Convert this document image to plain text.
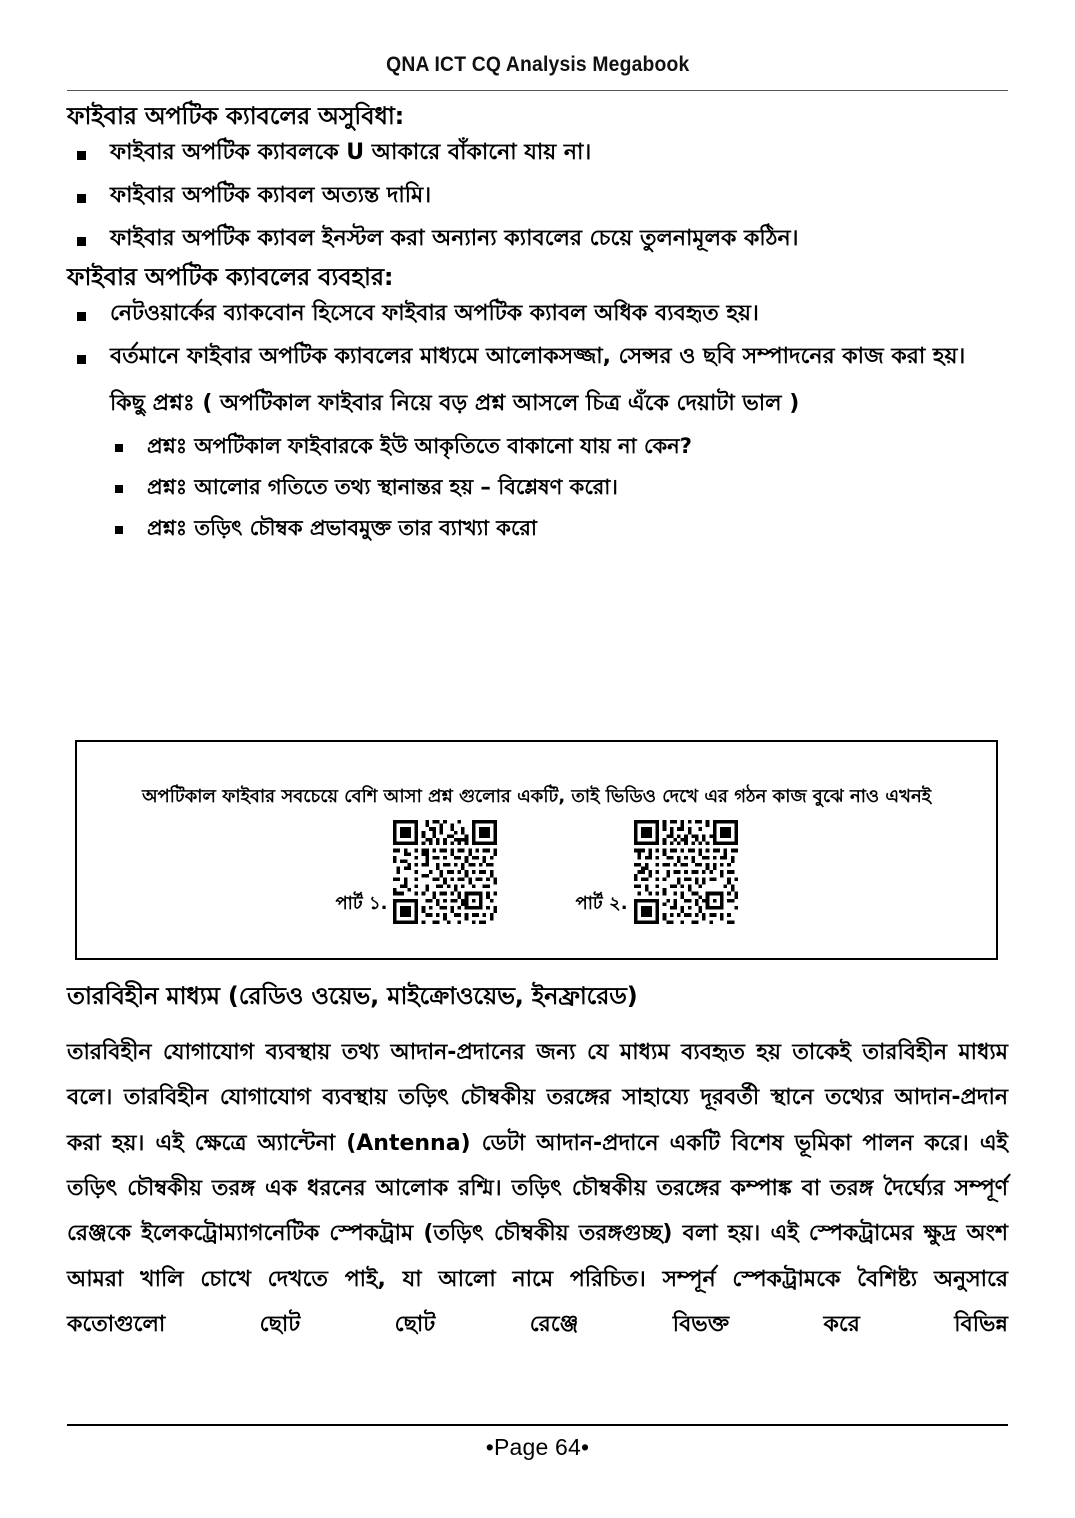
QNA ICT CQ Analysis Megabook
ফাইবার অপটিক ক্যাবলের অসুবিধা:
ফাইবার অপটিক ক্যাবলকে U আকারে বাঁকানো যায় না।
ফাইবার অপটিক ক্যাবল অত্যন্ত দামি।
ফাইবার অপটিক ক্যাবল ইনস্টল করা অন্যান্য ক্যাবলের চেয়ে তুলনামূলক কঠিন।
ফাইবার অপটিক ক্যাবলের ব্যবহার:
নেটওয়ার্কের ব্যাকবোন হিসেবে ফাইবার অপটিক ক্যাবল অধিক ব্যবহৃত হয়।
বর্তমানে ফাইবার অপটিক ক্যাবলের মাধ্যমে আলোকসজ্জা, সেন্সর ও ছবি সম্পাদনের কাজ করা হয়।

কিছু প্রশ্নঃ ( অপটিকাল ফাইবার নিয়ে বড় প্রশ্ন আসলে চিত্র এঁকে দেয়াটা ভাল )

প্রশ্নঃ অপটিকাল ফাইবারকে ইউ আকৃতিতে বাকানো যায় না কেন?
প্রশ্নঃ আলোর গতিতে তথ্য স্থানান্তর হয় – বিশ্লেষণ করো।
প্রশ্নঃ তড়িৎ চৌম্বক প্রভাবমুক্ত তার ব্যাখ্যা করো
অপটিকাল ফাইবার সবচেয়ে বেশি আসা প্রশ্ন গুলোর একটি, তাই ভিডিও দেখে এর গঠন কাজ বুঝে নাও এখনই
পার্ট ১.	পার্ট ২.
তারবিহীন মাধ্যম (রেডিও ওয়েভ, মাইক্রোওয়েভ, ইনফ্রারেড)

তারবিহীন যোগাযোগ ব্যবস্থায় তথ্য আদান-প্রদানের জন্য যে মাধ্যম ব্যবহৃত হয় তাকেই তারবিহীন মাধ্যম বলে। তারবিহীন যোগাযোগ ব্যবস্থায় তড়িৎ চৌম্বকীয় তরঙ্গের সাহায্যে দূরবর্তী স্থানে তথ্যের আদান-প্রদান করা হয়। এই ক্ষেত্রে অ্যান্টেনা (Antenna) ডেটা আদান-প্রদানে একটি বিশেষ ভূমিকা পালন করে। এই তড়িৎ চৌম্বকীয় তরঙ্গ এক ধরনের আলোক রশ্মি। তড়িৎ চৌম্বকীয় তরঙ্গের কম্পাঙ্ক বা তরঙ্গ দৈর্ঘ্যের সম্পূর্ণ রেঞ্জকে ইলেকট্রোম্যাগনেটিক স্পেকট্রাম (তড়িৎ চৌম্বকীয় তরঙ্গগুচ্ছ) বলা হয়। এই স্পেকট্রামের ক্ষুদ্র অংশ আমরা খালি চোখে দেখতে পাই, যা আলো নামে পরিচিত। সম্পূর্ন স্পেকট্রামকে বৈশিষ্ট্য অনুসারে কতোগুলো ছোট ছোট রেঞ্জে বিভক্ত করে বিভিন্ন

•Page 64•
